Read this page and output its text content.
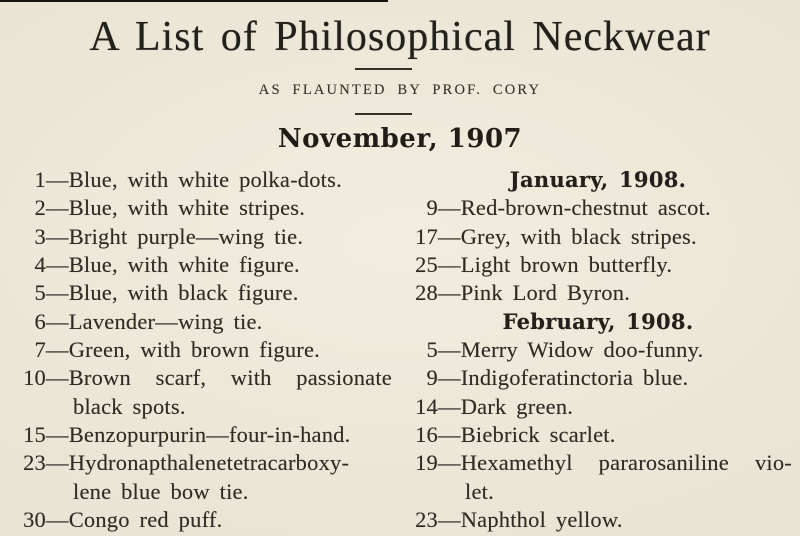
A List of Philosophical Neckwear
AS FLAUNTED BY PROF. CORY
November, 1907
1 —Blue, with white polka-dots.
2 —Blue, with white stripes.
3 —Bright purple—wing tie.
4 —Blue, with white figure.
5 —Blue, with black figure.
6 —Lavender—wing tie.
7 —Green, with brown figure.
10 —Brown scarf, with passionate
black spots.
15 —Benzopurpurin—four-in-hand.
23 —Hydronapthalenetetracarboxy-
lene blue bow tie.
30 —Congo red puff.
January, 1908.
9 —Red-brown-chestnut ascot.
17 —Grey, with black stripes.
25 —Light brown butterfly.
28 —Pink Lord Byron.
February, 1908.
5 —Merry Widow doo-funny.
9 —Indigoferatinctoria blue.
14 —Dark green.
16 —Biebrick scarlet.
19 —Hexamethyl pararosaniline vio-
let.
23 —Naphthol yellow.
